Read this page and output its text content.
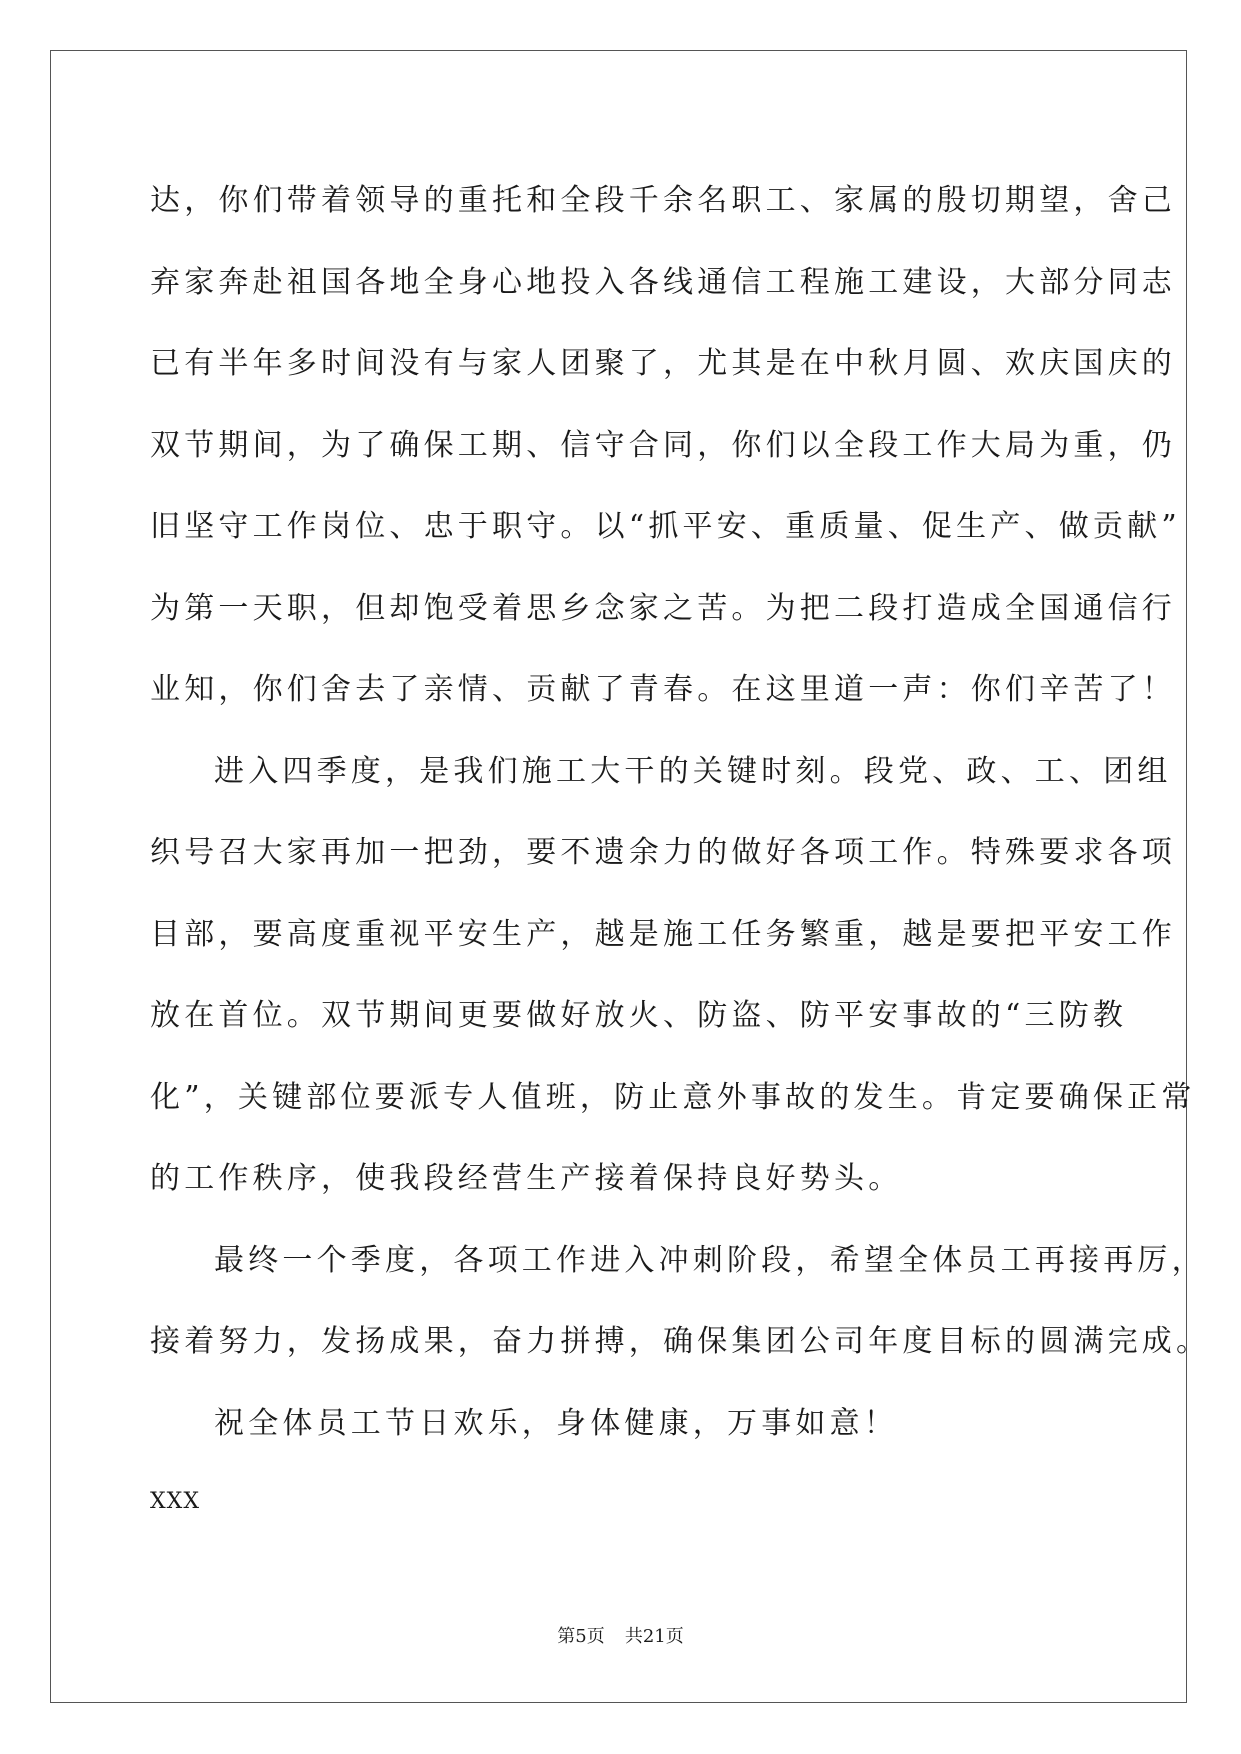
达，你们带着领导的重托和全段千余名职工、家属的殷切期望，舍己
弃家奔赴祖国各地全身心地投入各线通信工程施工建设，大部分同志
已有半年多时间没有与家人团聚了，尤其是在中秋月圆、欢庆国庆的
双节期间，为了确保工期、信守合同，你们以全段工作大局为重，仍
旧坚守工作岗位、忠于职守。以“抓平安、重质量、促生产、做贡献”
为第一天职，但却饱受着思乡念家之苦。为把二段打造成全国通信行
业知，你们舍去了亲情、贡献了青春。在这里道一声：你们辛苦了！
进入四季度，是我们施工大干的关键时刻。段党、政、工、团组
织号召大家再加一把劲，要不遗余力的做好各项工作。特殊要求各项
目部，要高度重视平安生产，越是施工任务繁重，越是要把平安工作
放在首位。双节期间更要做好放火、防盗、防平安事故的“三防教
化”，关键部位要派专人值班，防止意外事故的发生。肯定要确保正常
的工作秩序，使我段经营生产接着保持良好势头。
最终一个季度，各项工作进入冲刺阶段，希望全体员工再接再厉，
接着努力，发扬成果，奋力拼搏，确保集团公司年度目标的圆满完成。
祝全体员工节日欢乐，身体健康，万事如意！
XXX
第5页 共21页
